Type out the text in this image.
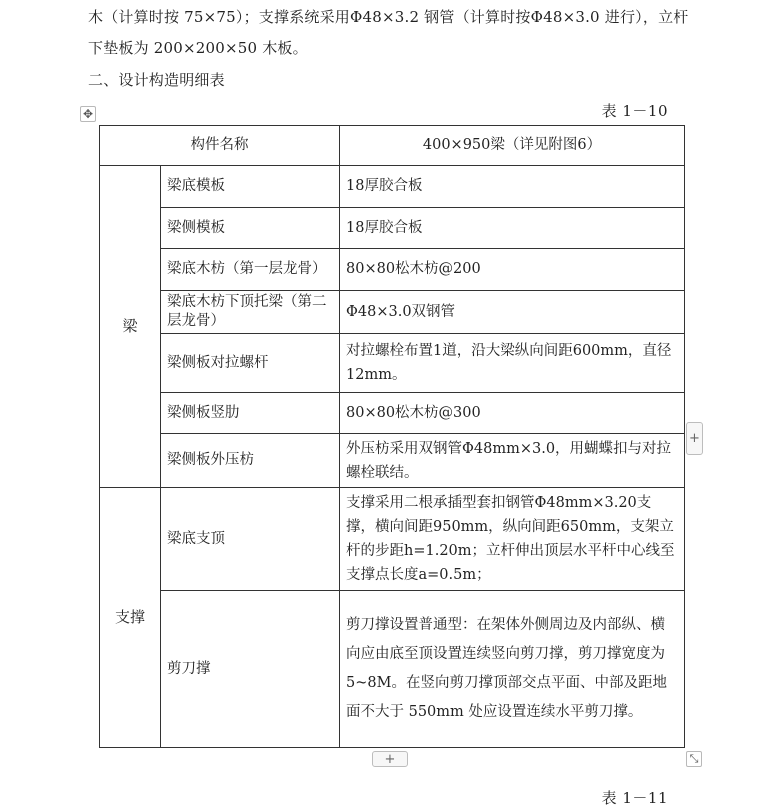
木（计算时按 75×75）；支撑系统采用Φ48×3.2 钢管（计算时按Φ48×3.0 进行），立杆
下垫板为 200×200×50 木板。
二、设计构造明细表
✥	表 1－10
构件名称		400×950梁（详见附图6）
梁	梁底模板	18厚胶合板
	梁侧模板	18厚胶合板
	梁底木枋（第一层龙骨）	80×80松木枋@200
	梁底木枋下顶托梁（第二层龙骨）	Φ48×3.0双钢管
	梁侧板对拉螺杆	对拉螺栓布置1道，沿大梁纵向间距600mm，直径12mm。
	梁侧板竖肋	80×80松木枋@300
	梁侧板外压枋	外压枋采用双钢管Φ48mm×3.0，用蝴蝶扣与对拉螺栓联结。
支撑	梁底支顶	支撑采用二根承插型套扣钢管Φ48mm×3.20支撑，横向间距950mm，纵向间距650mm，支架立杆的步距h=1.20m；立杆伸出顶层水平杆中心线至支撑点长度a=0.5m；
	剪刀撑	剪刀撑设置普通型：在架体外侧周边及内部纵、横向应由底至顶设置连续竖向剪刀撑，剪刀撑宽度为 5~8M。在竖向剪刀撑顶部交点平面、中部及距地面不大于 550mm 处应设置连续水平剪刀撑。
+
+	⤡
表 1－11
